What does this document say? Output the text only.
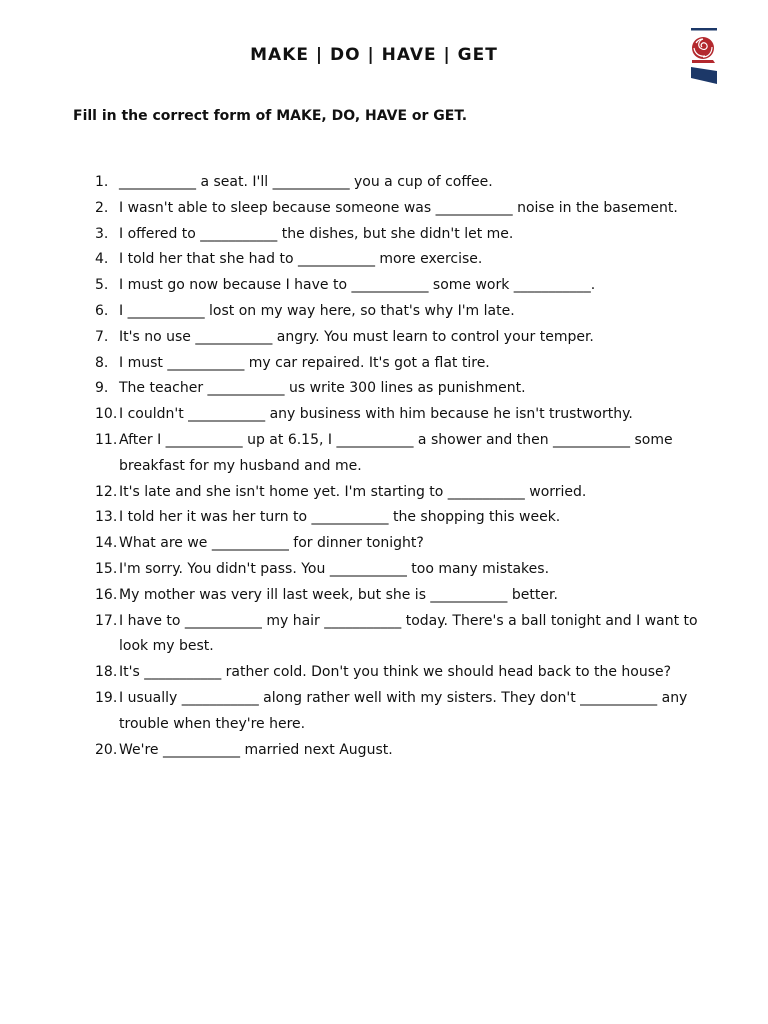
MAKE | DO | HAVE | GET
Fill in the correct form of MAKE, DO, HAVE or GET.
1. ___________ a seat. I'll ___________ you a cup of coffee.
2. I wasn't able to sleep because someone was ___________ noise in the basement.
3. I offered to ___________ the dishes, but she didn't let me.
4. I told her that she had to ___________ more exercise.
5. I must go now because I have to ___________ some work ___________.
6. I ___________ lost on my way here, so that's why I'm late.
7. It's no use ___________ angry. You must learn to control your temper.
8. I must ___________ my car repaired. It's got a flat tire.
9. The teacher ___________ us write 300 lines as punishment.
10. I couldn't ___________ any business with him because he isn't trustworthy.
11. After I ___________ up at 6.15, I ___________ a shower and then ___________ some breakfast for my husband and me.
12. It's late and she isn't home yet. I'm starting to ___________ worried.
13. I told her it was her turn to ___________ the shopping this week.
14. What are we ___________ for dinner tonight?
15. I'm sorry. You didn't pass. You ___________ too many mistakes.
16. My mother was very ill last week, but she is ___________ better.
17. I have to ___________ my hair ___________ today. There's a ball tonight and I want to look my best.
18. It's ___________ rather cold. Don't you think we should head back to the house?
19. I usually ___________ along rather well with my sisters. They don't ___________ any trouble when they're here.
20. We're ___________ married next August.
